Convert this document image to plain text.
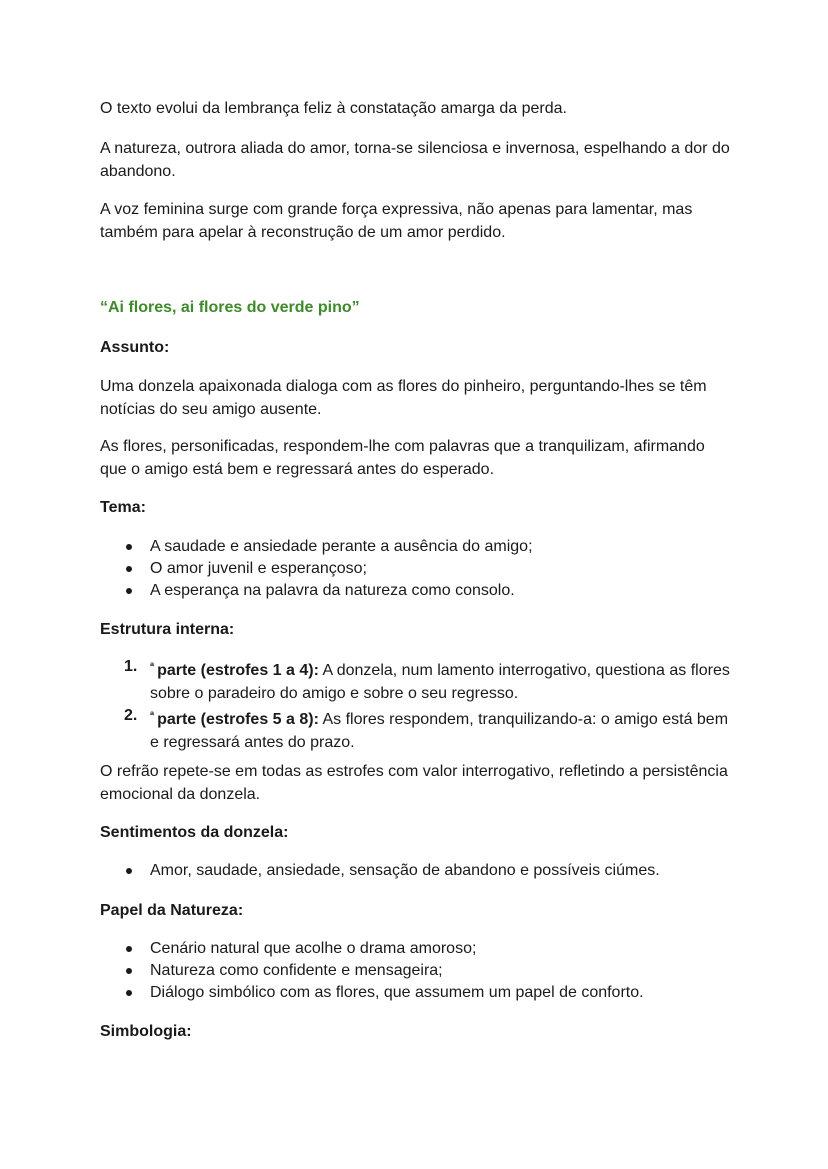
O texto evolui da lembrança feliz à constatação amarga da perda.

A natureza, outrora aliada do amor, torna-se silenciosa e invernosa, espelhando a dor do abandono.

A voz feminina surge com grande força expressiva, não apenas para lamentar, mas também para apelar à reconstrução de um amor perdido.

“Ai flores, ai flores do verde pino”
Assunto:

Uma donzela apaixonada dialoga com as flores do pinheiro, perguntando-lhes se têm notícias do seu amigo ausente.

As flores, personificadas, respondem-lhe com palavras que a tranquilizam, afirmando que o amigo está bem e regressará antes do esperado.

Tema:
A saudade e ansiedade perante a ausência do amigo;
O amor juvenil e esperançoso;
A esperança na palavra da natureza como consolo.
Estrutura interna:
1. $^ª$ parte (estrofes 1 a 4): A donzela, num lamento interrogativo, questiona as flores sobre o paradeiro do amigo e sobre o seu regresso.
2. $^ª$ parte (estrofes 5 a 8): As flores respondem, tranquilizando-a: o amigo está bem e regressará antes do prazo.

O refrão repete-se em todas as estrofes com valor interrogativo, refletindo a persistência emocional da donzela.

Sentimentos da donzela:
Amor, saudade, ansiedade, sensação de abandono e possíveis ciúmes.
Papel da Natureza:
Cenário natural que acolhe o drama amoroso;
Natureza como confidente e mensageira;
Diálogo simbólico com as flores, que assumem um papel de conforto.
Simbologia:
